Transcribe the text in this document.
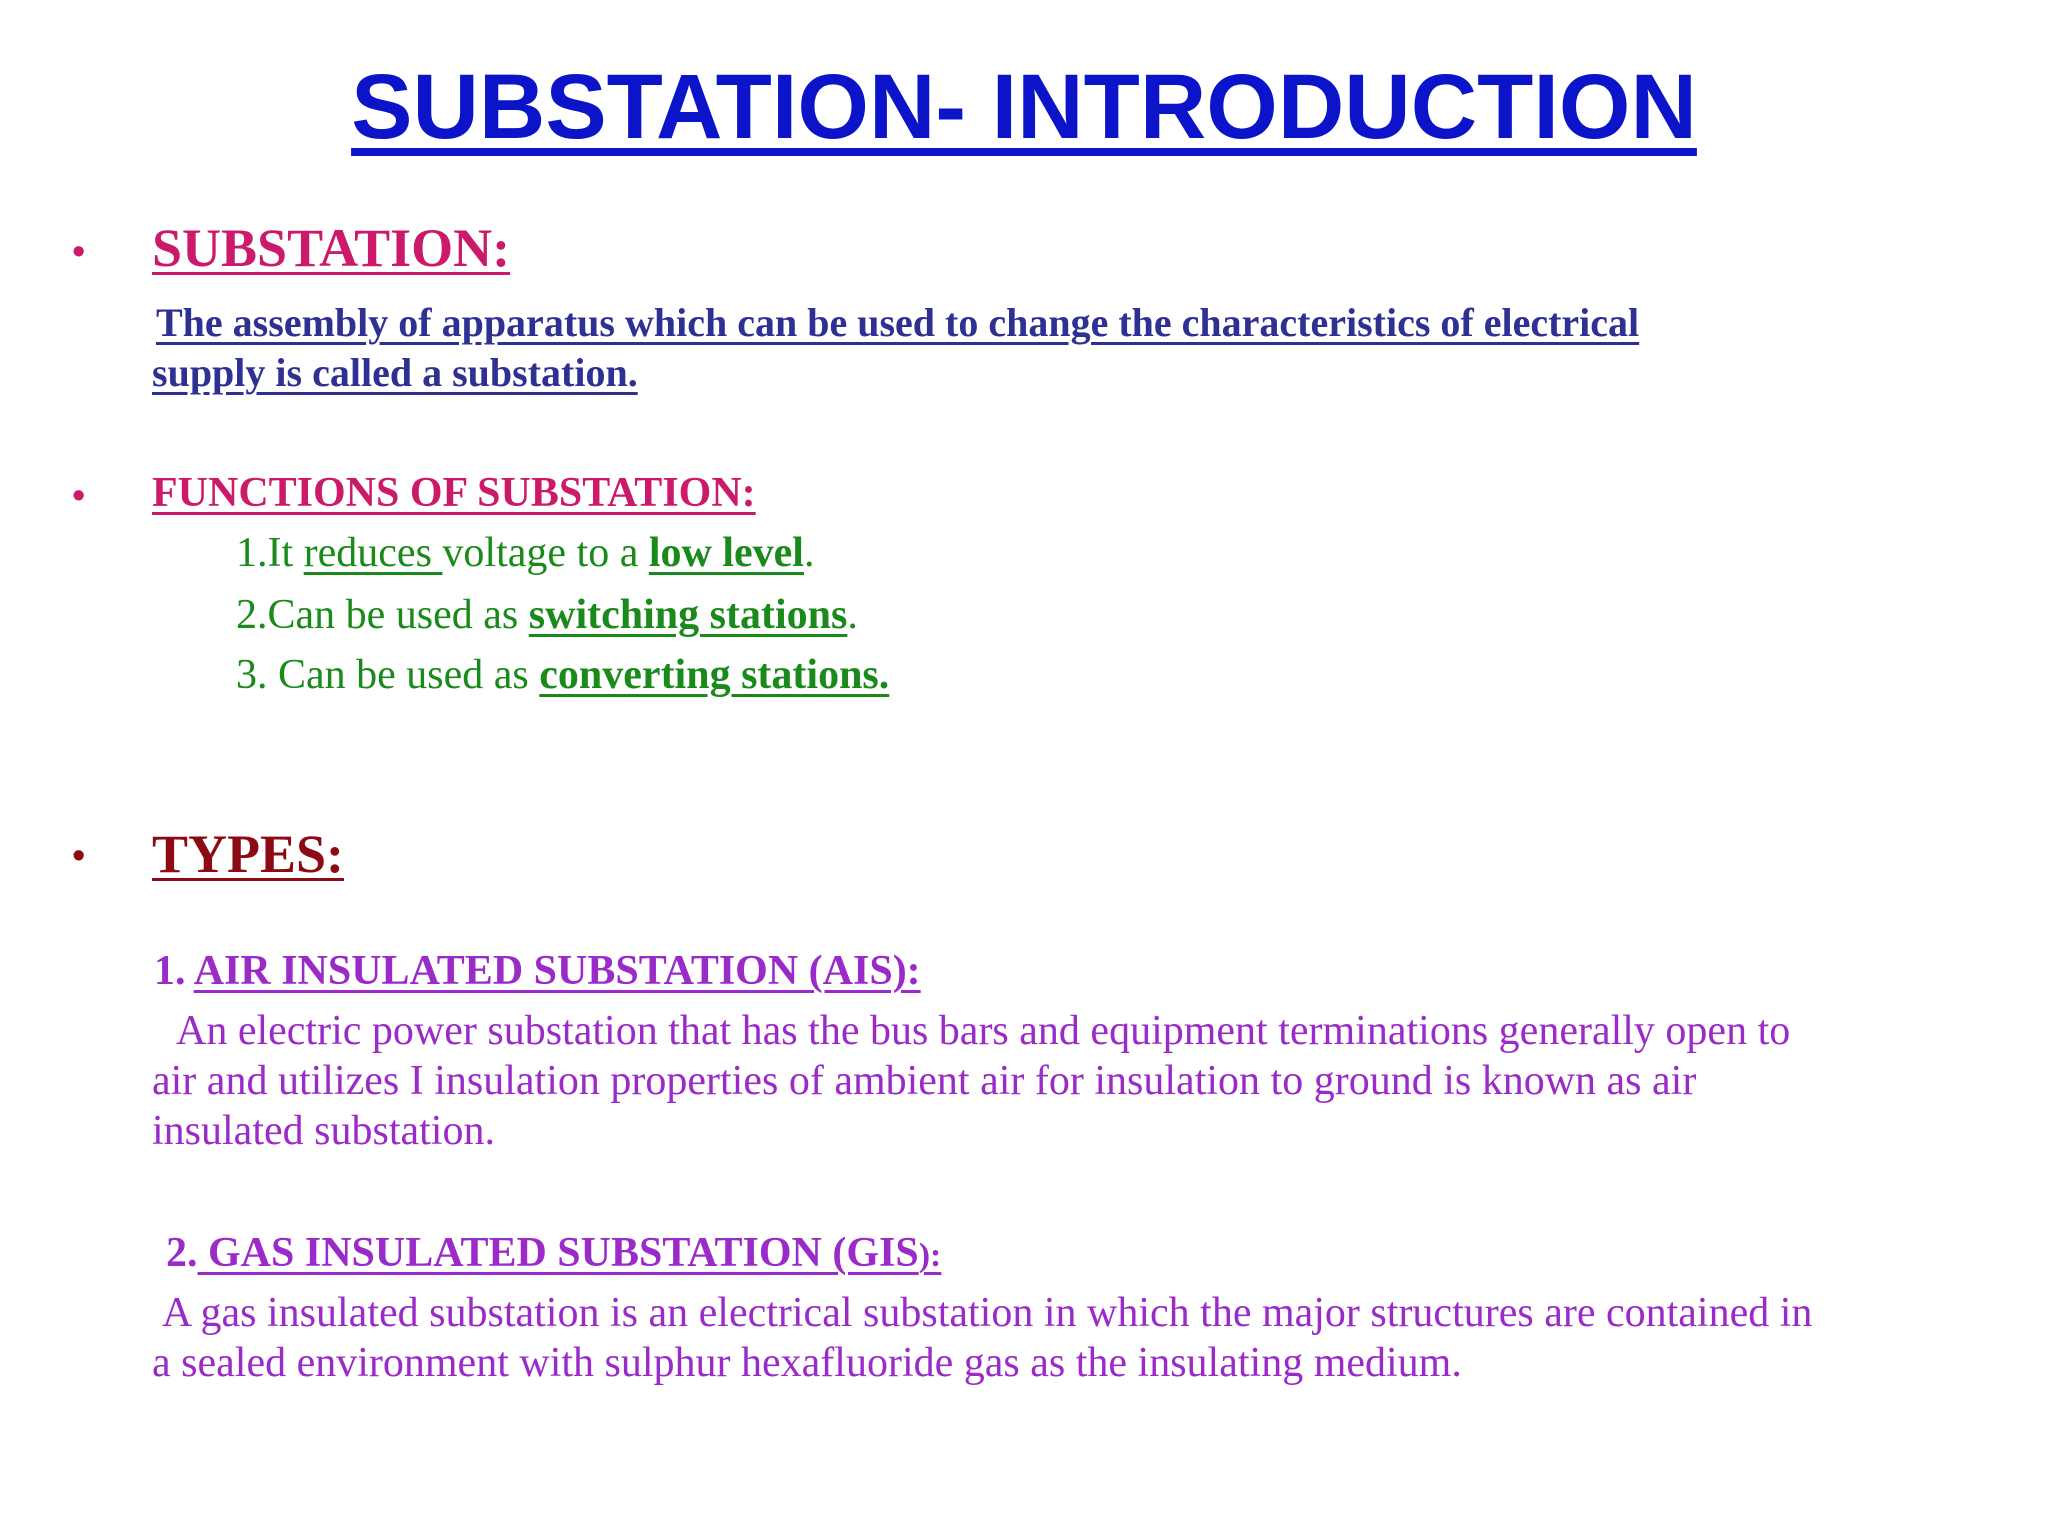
SUBSTATION- INTRODUCTION
• SUBSTATION:
The assembly of apparatus which can be used to change the characteristics of electrical
supply is called a substation.
• FUNCTIONS OF SUBSTATION:
1.It reduces voltage to a low level.
2.Can be used as switching stations.
3. Can be used as converting stations.
• TYPES:
1. AIR INSULATED SUBSTATION (AIS):
An electric power substation that has the bus bars and equipment terminations generally open to
air and utilizes I insulation properties of ambient air for insulation to ground is known as air
insulated substation.
2. GAS INSULATED SUBSTATION (GIS):
A gas insulated substation is an electrical substation in which the major structures are contained in
a sealed environment with sulphur hexafluoride gas as the insulating medium.
